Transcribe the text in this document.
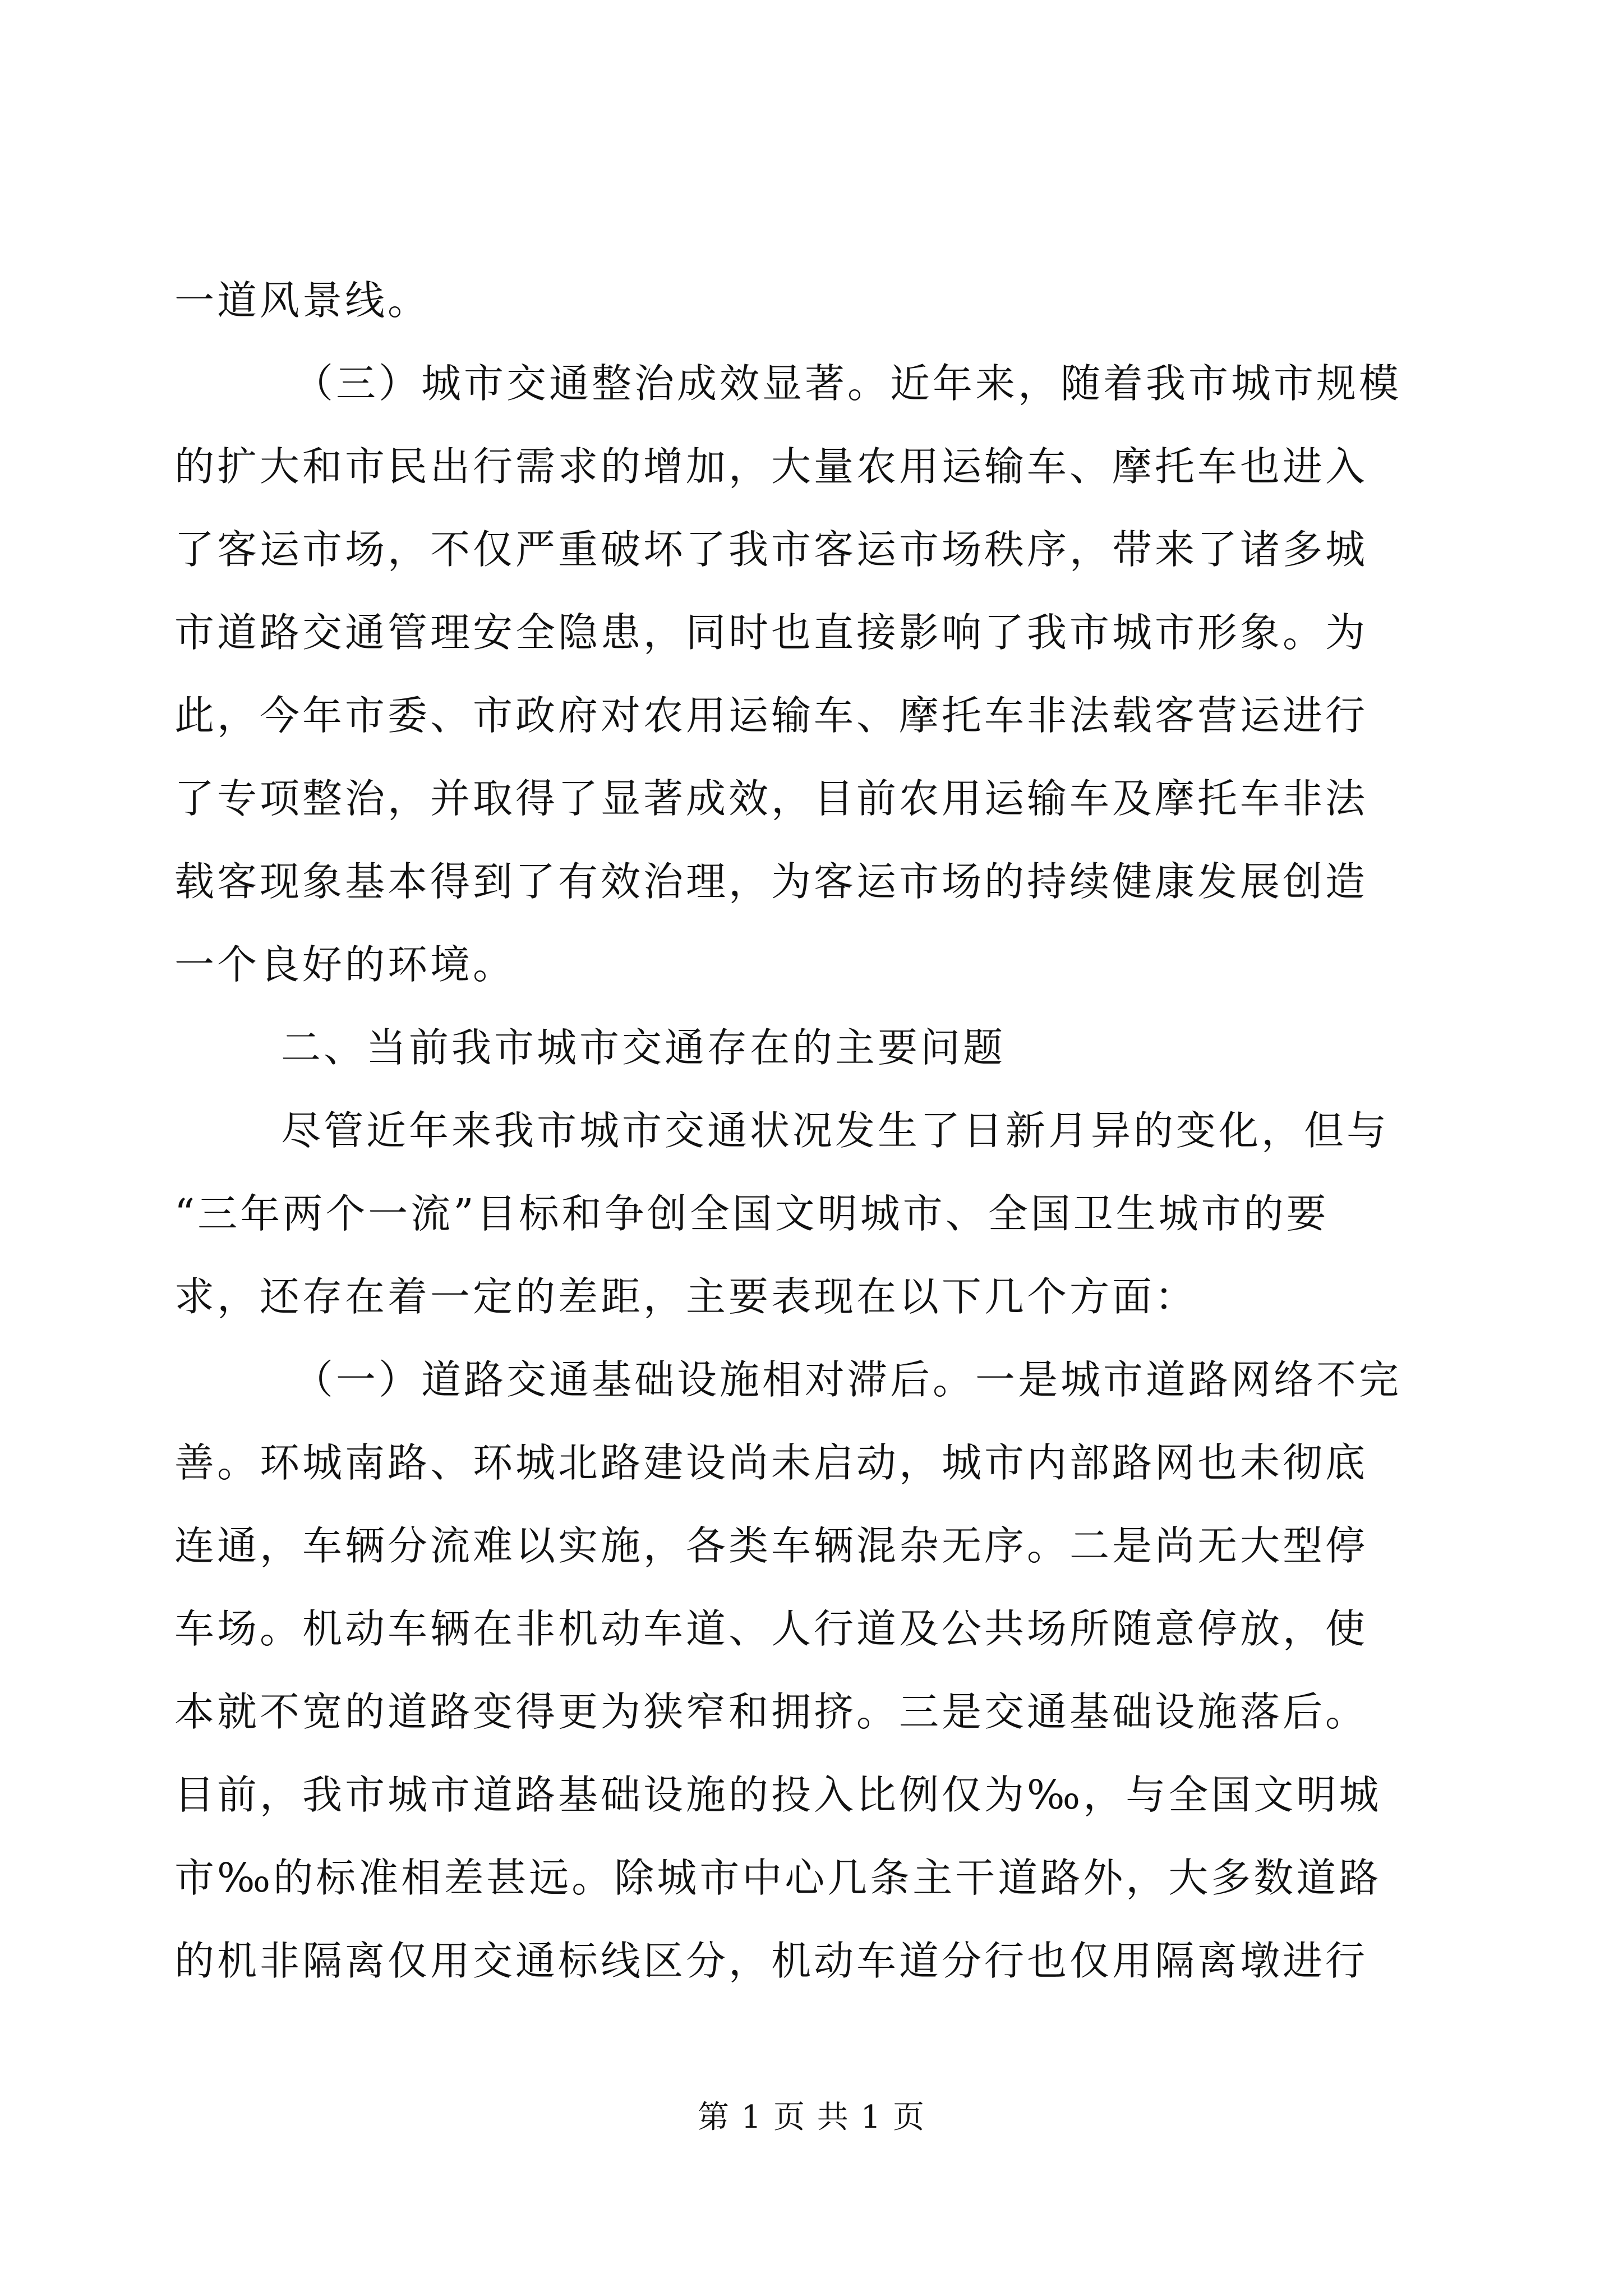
一道风景线。
（三）城市交通整治成效显著。近年来，随着我市城市规模
的扩大和市民出行需求的增加，大量农用运输车、摩托车也进入
了客运市场，不仅严重破坏了我市客运市场秩序，带来了诸多城
市道路交通管理安全隐患，同时也直接影响了我市城市形象。为
此，今年市委、市政府对农用运输车、摩托车非法载客营运进行
了专项整治，并取得了显著成效，目前农用运输车及摩托车非法
载客现象基本得到了有效治理，为客运市场的持续健康发展创造
一个良好的环境。
二、当前我市城市交通存在的主要问题
尽管近年来我市城市交通状况发生了日新月异的变化，但与
“三年两个一流”目标和争创全国文明城市、全国卫生城市的要
求，还存在着一定的差距，主要表现在以下几个方面：
（一）道路交通基础设施相对滞后。一是城市道路网络不完
善。环城南路、环城北路建设尚未启动，城市内部路网也未彻底
连通，车辆分流难以实施，各类车辆混杂无序。二是尚无大型停
车场。机动车辆在非机动车道、人行道及公共场所随意停放，使
本就不宽的道路变得更为狭窄和拥挤。三是交通基础设施落后。
目前，我市城市道路基础设施的投入比例仅为‰，与全国文明城
市‰的标准相差甚远。除城市中心几条主干道路外，大多数道路
的机非隔离仅用交通标线区分，机动车道分行也仅用隔离墩进行
第 1 页 共 1 页
